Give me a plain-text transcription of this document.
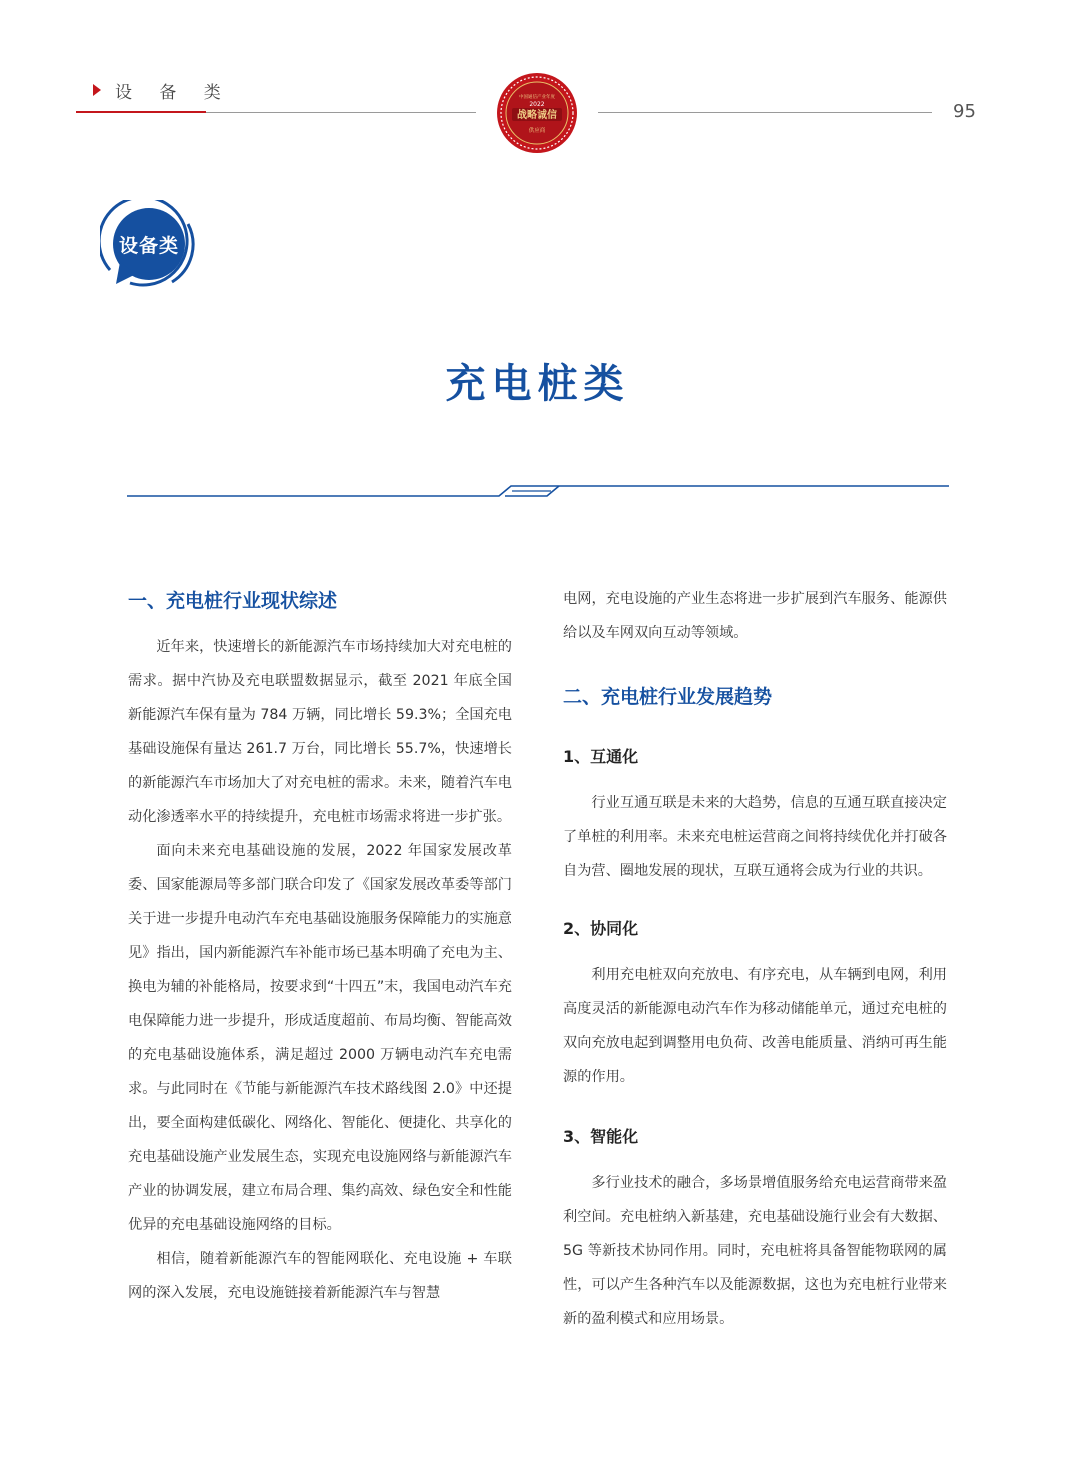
设 备 类
95
中国通信产业年度
2022
战略诚信
供应商
设备类
充电桩类
一、充电桩行业现状综述

近年来，快速增长的新能源汽车市场持续加大对充电桩的需求。据中汽协及充电联盟数据显示，截至 2021 年底全国新能源汽车保有量为 784 万辆，同比增长 59.3%；全国充电基础设施保有量达 261.7 万台，同比增长 55.7%，快速增长的新能源汽车市场加大了对充电桩的需求。未来，随着汽车电动化渗透率水平的持续提升，充电桩市场需求将进一步扩张。

面向未来充电基础设施的发展，2022 年国家发展改革委、国家能源局等多部门联合印发了《国家发展改革委等部门关于进一步提升电动汽车充电基础设施服务保障能力的实施意见》指出，国内新能源汽车补能市场已基本明确了充电为主、换电为辅的补能格局，按要求到“十四五”末，我国电动汽车充电保障能力进一步提升，形成适度超前、布局均衡、智能高效的充电基础设施体系，满足超过 2000 万辆电动汽车充电需求。与此同时在《节能与新能源汽车技术路线图 2.0》中还提出，要全面构建低碳化、网络化、智能化、便捷化、共享化的充电基础设施产业发展生态，实现充电设施网络与新能源汽车产业的协调发展，建立布局合理、集约高效、绿色安全和性能优异的充电基础设施网络的目标。

相信，随着新能源汽车的智能网联化、充电设施 + 车联网的深入发展，充电设施链接着新能源汽车与智慧

电网，充电设施的产业生态将进一步扩展到汽车服务、能源供给以及车网双向互动等领域。

二、充电桩行业发展趋势
1、互通化

行业互通互联是未来的大趋势，信息的互通互联直接决定了单桩的利用率。未来充电桩运营商之间将持续优化并打破各自为营、圈地发展的现状，互联互通将会成为行业的共识。

2、协同化

利用充电桩双向充放电、有序充电，从车辆到电网，利用高度灵活的新能源电动汽车作为移动储能单元，通过充电桩的双向充放电起到调整用电负荷、改善电能质量、消纳可再生能源的作用。

3、智能化

多行业技术的融合，多场景增值服务给充电运营商带来盈利空间。充电桩纳入新基建，充电基础设施行业会有大数据、5G 等新技术协同作用。同时，充电桩将具备智能物联网的属性，可以产生各种汽车以及能源数据，这也为充电桩行业带来新的盈利模式和应用场景。
